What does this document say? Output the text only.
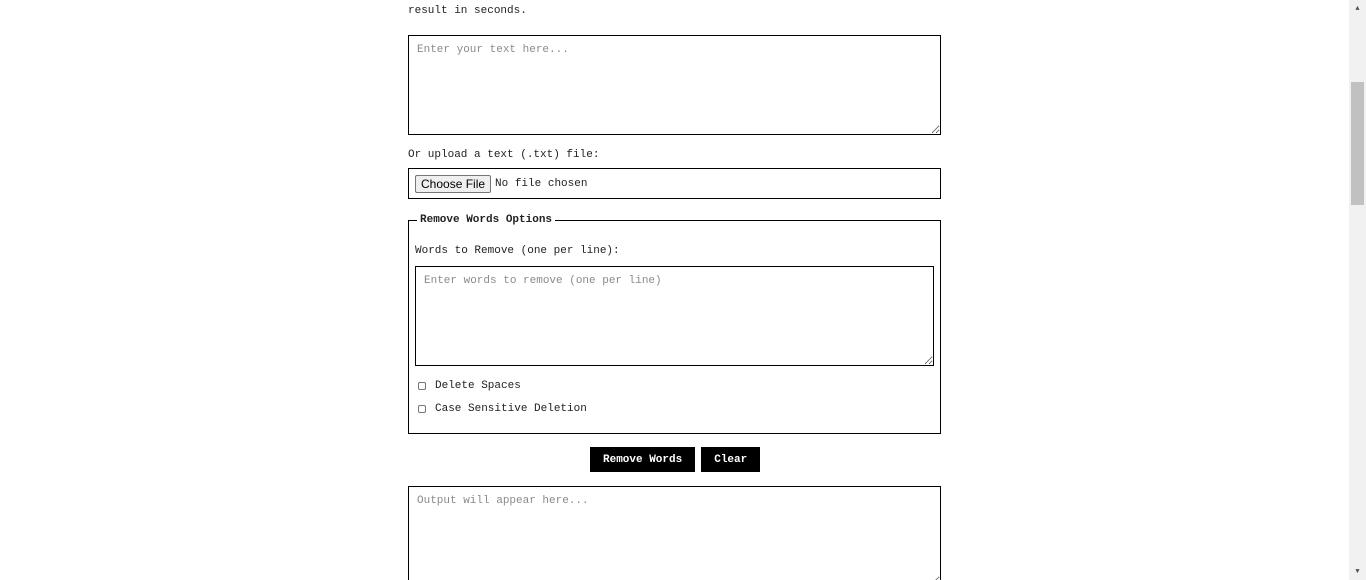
result in seconds.

Enter your text here...
Or upload a text (.txt) file:
Choose File No file chosen
Remove Words Options
Words to Remove (one per line):
Enter words to remove (one per line)
Delete Spaces
Case Sensitive Deletion
Remove Words	Clear
Output will appear here...
▲
▼
